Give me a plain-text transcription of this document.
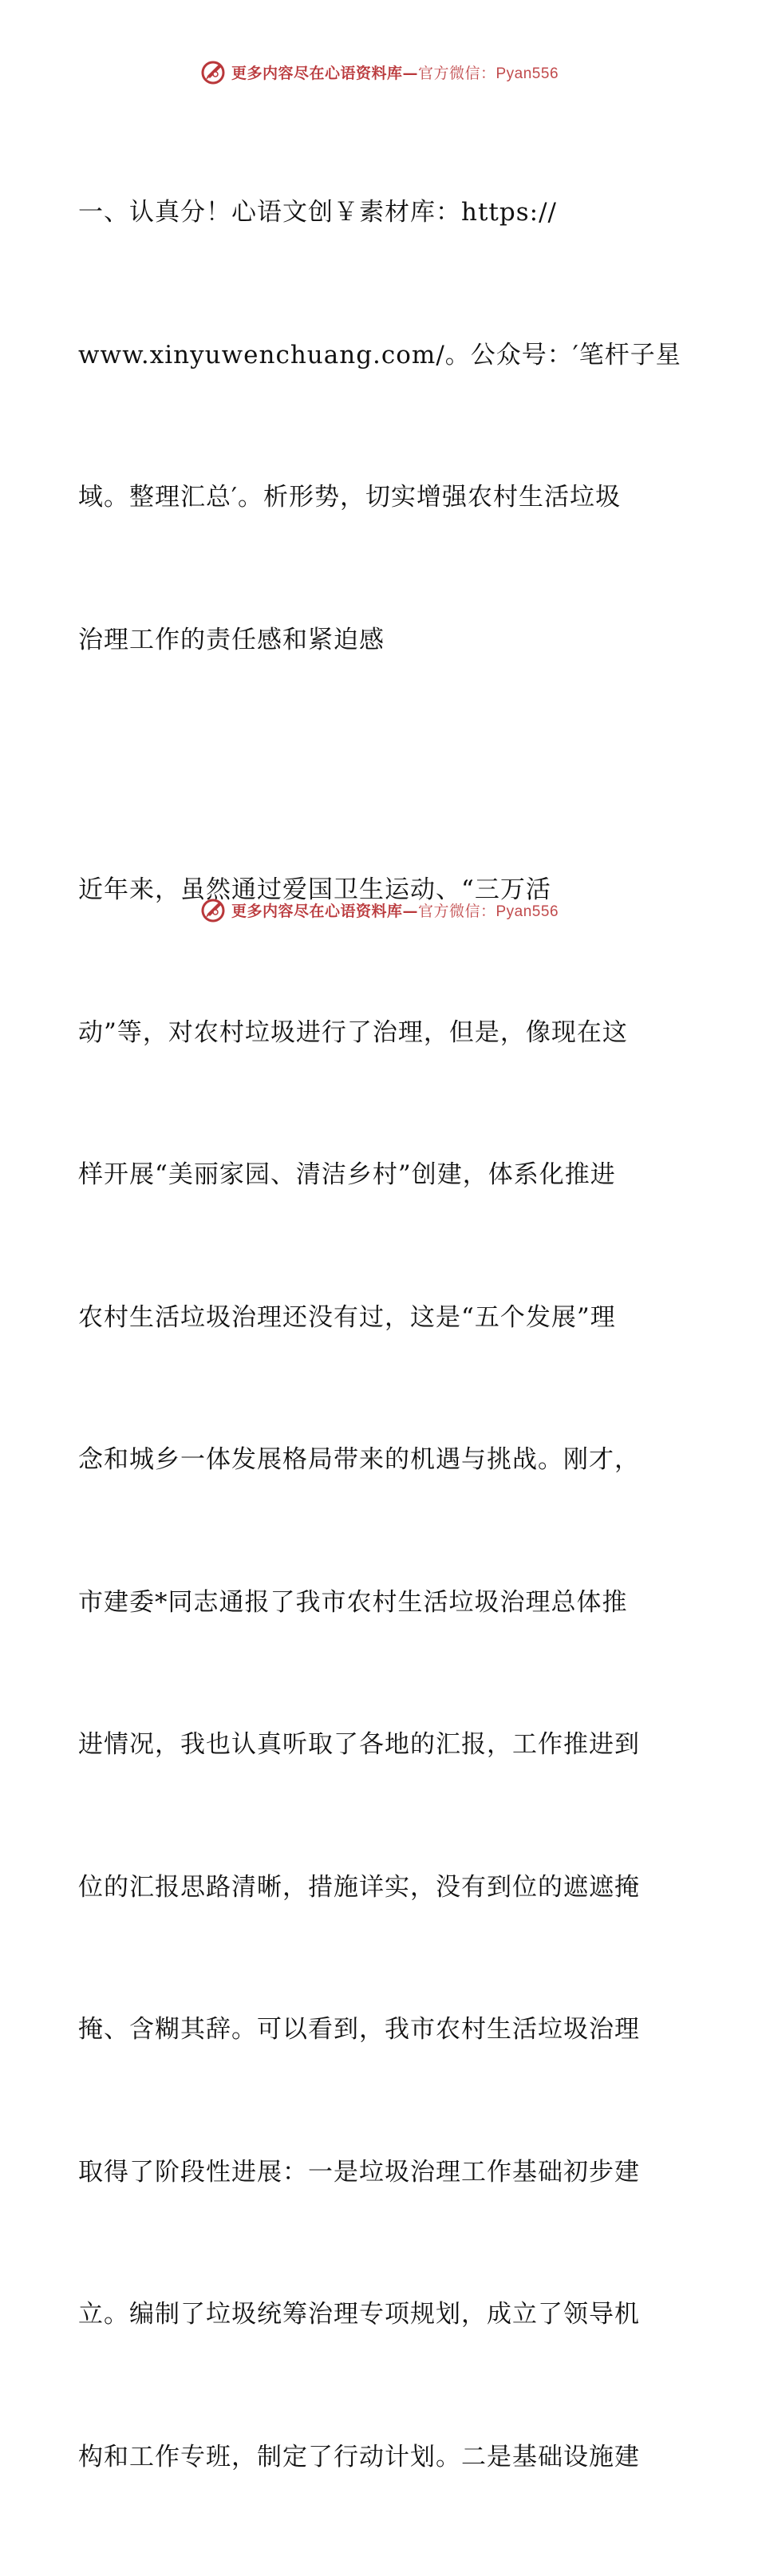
更多内容尽在心语资料库—官方微信：Pyan556

一、认真分！心语文创￥素材库：https://

www.xinyuwenchuang.com/。公众号：′笔杆子星

域。整理汇总′。析形势，切实增强农村生活垃圾

治理工作的责任感和紧迫感

近年来，虽然通过爱国卫生运动、“三万活

动”等，对农村垃圾进行了治理，但是，像现在这

样开展“美丽家园、清洁乡村”创建，体系化推进

农村生活垃圾治理还没有过，这是“五个发展”理

念和城乡一体发展格局带来的机遇与挑战。刚才，

市建委*同志通报了我市农村生活垃圾治理总体推

进情况，我也认真听取了各地的汇报，工作推进到

位的汇报思路清晰，措施详实，没有到位的遮遮掩

掩、含糊其辞。可以看到，我市农村生活垃圾治理

取得了阶段性进展：一是垃圾治理工作基础初步建

立。编制了垃圾统筹治理专项规划，成立了领导机

构和工作专班，制定了行动计划。二是基础设施建

更多内容尽在心语资料库—官方微信：Pyan556
